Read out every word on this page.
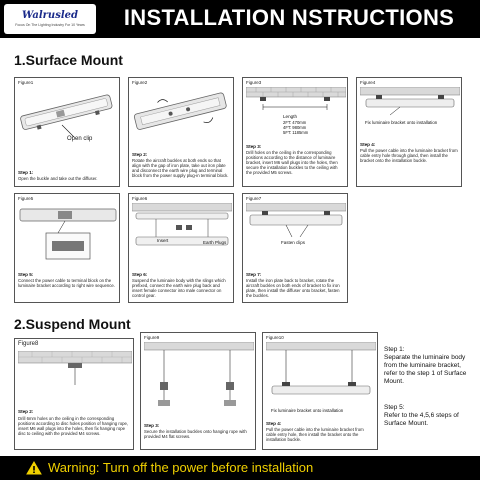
Walrusled
Focus On The Lighting Industry For 10 Years	INSTALLATION NSTRUCTIONS
1.Surface Mount
Figure1
Open clip
Step 1:
Open the buckle and take out the diffuser.
Figure2
Step 2:
Rotate the aircraft buckles at both ends so that align with the gap of iron plate, take out iron plate and disconnect the earth wire plug and terminal block from the power supply plug-in terminal block.
Figure3
Length
2FT: 470mm
4FT: 980mm
5FT: 1185mm
Step 3:
Drill holes on the ceiling in the corresponding positions according to the distance of luminaire bracket, insert M6 wall plugs into the holes, then secure the installation buckles to the ceiling with the provided M5 screws.
Figure4
Fix luminaire bracket onto installation
Step 4:
Pull the power cable into the luminaire bracket from cable entry hole through gland, then install the bracket onto the installation buckle.
Figure5
Step 5:
Connect the power cable to terminal block on the luminaire bracket according to right wire sequence.
Figure6
Insert	Earth Plugs
Step 6:
Suspend the luminaire body with the slings which prefixed, connect the earth wire plug back and insert female connector into male connector on control gear.
Figure7
Fasten clips
Step 7:
Install the iron plate back to bracket, rotate the aircraft buckles on both ends of bracket to fix iron plate, then install the diffuser onto bracket, fasten the buckles.
2.Suspend Mount
Figure8
Step 2:
Drill 6mm holes on the ceiling in the corresponding positions according to disc holes position of hanging rope, insert M6 wall plugs into the holes, then fix hanging rope disc to ceiling with the provided M4 screws.
Figure9
Step 3:
Secure the installation buckles onto hanging rope with provided M4 flat screws.
Figure10
Fix luminaire bracket onto installation
Step 4:
Pull the power cable into the luminaire bracket from cable entry hole, then install the bracket onto the installation buckle.
Step 1:
Separate the luminaire body from the luminaire bracket, refer to the step 1 of Surface Mount.
Step 5:
Refer to the 4,5,6 steps of Surface Mount.
Warning: Turn off the power before installation
